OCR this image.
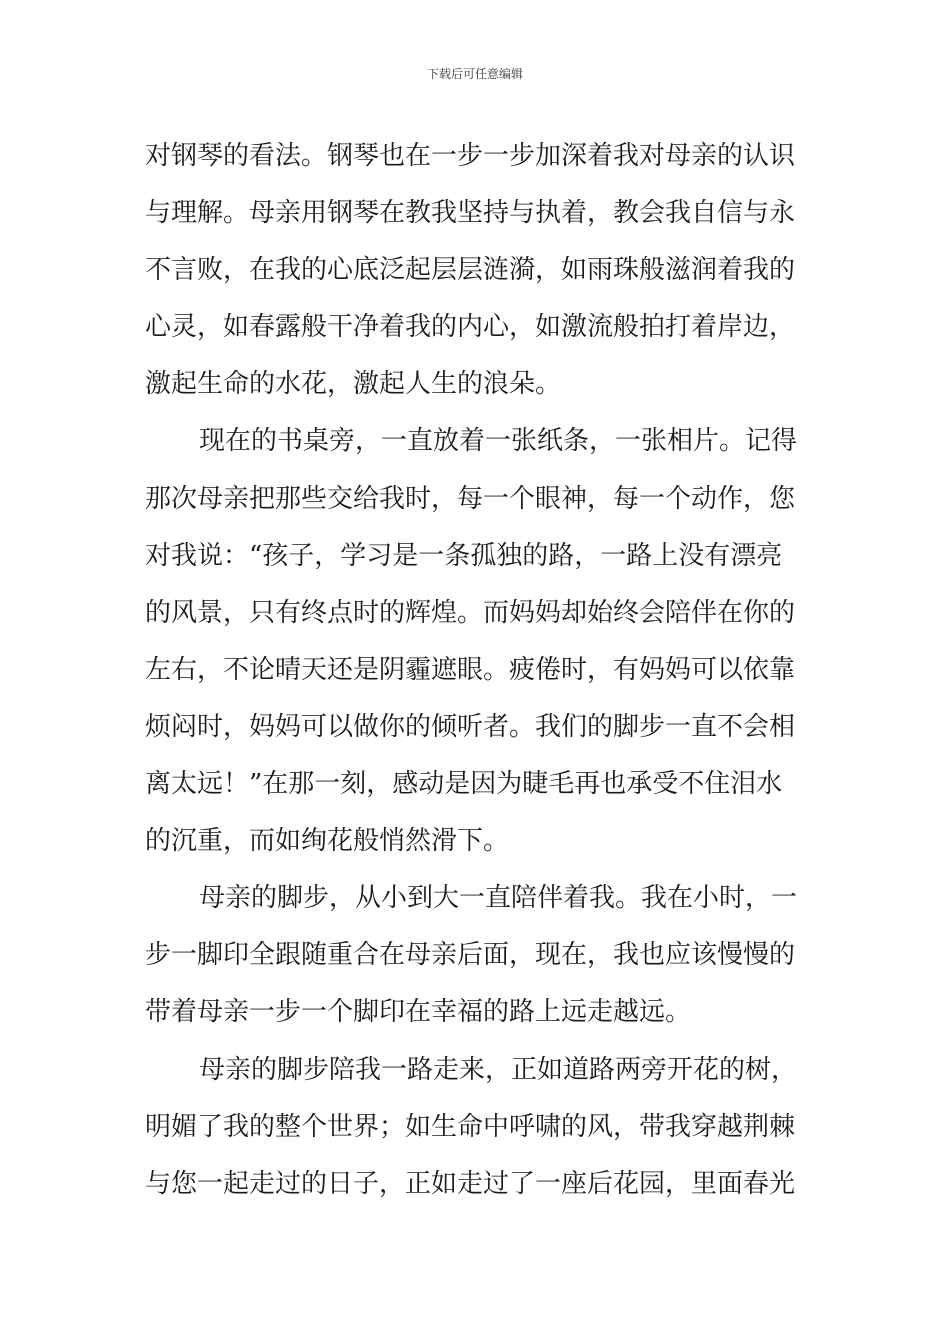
下载后可任意编辑
对钢琴的看法。钢琴也在一步一步加深着我对母亲的认识
与理解。母亲用钢琴在教我坚持与执着，教会我自信与永
不言败，在我的心底泛起层层涟漪，如雨珠般滋润着我的
心灵，如春露般干净着我的内心，如激流般拍打着岸边，
激起生命的水花，激起人生的浪朵。
现在的书桌旁，一直放着一张纸条，一张相片。记得
那次母亲把那些交给我时，每一个眼神，每一个动作，您
对我说：“孩子，学习是一条孤独的路，一路上没有漂亮
的风景，只有终点时的辉煌。而妈妈却始终会陪伴在你的
左右，不论晴天还是阴霾遮眼。疲倦时，有妈妈可以依靠
烦闷时，妈妈可以做你的倾听者。我们的脚步一直不会相
离太远！”在那一刻，感动是因为睫毛再也承受不住泪水
的沉重，而如绚花般悄然滑下。
母亲的脚步，从小到大一直陪伴着我。我在小时，一
步一脚印全跟随重合在母亲后面，现在，我也应该慢慢的
带着母亲一步一个脚印在幸福的路上远走越远。
母亲的脚步陪我一路走来，正如道路两旁开花的树，
明媚了我的整个世界；如生命中呼啸的风，带我穿越荆棘
与您一起走过的日子，正如走过了一座后花园，里面春光
